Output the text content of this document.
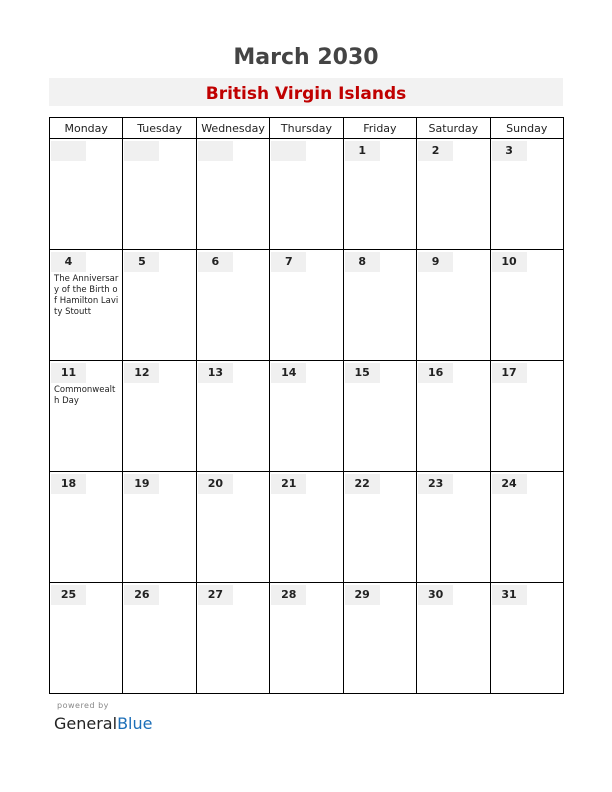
March 2030
British Virgin Islands
Monday	Tuesday	Wednesday	Thursday	Friday	Saturday	Sunday

				1	2	3

4
The Anniversary of the Birth of Hamilton Lavity Stoutt	5	6	7	8	9	10

11
Commonwealth Day	12	13	14	15	16	17

18	19	20	21	22	23	24

25	26	27	28	29	30	31
powered by
GeneralBlue
